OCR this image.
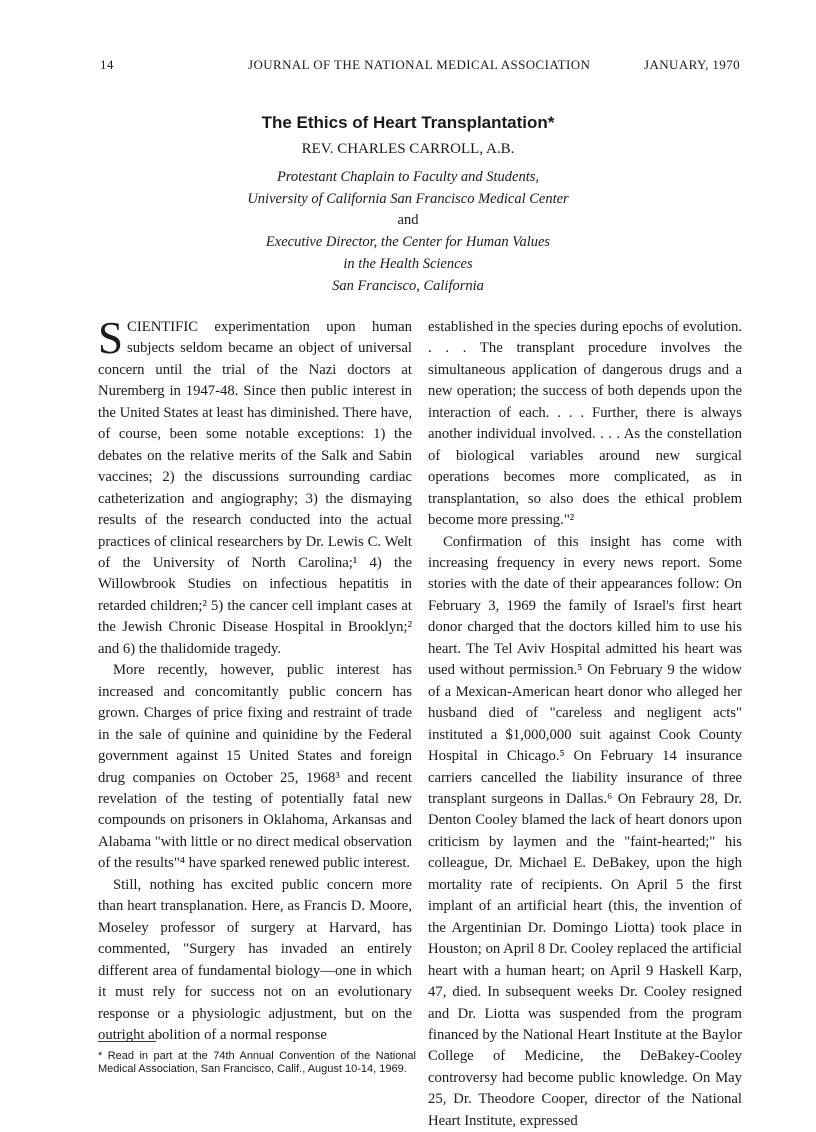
14	JOURNAL OF THE NATIONAL MEDICAL ASSOCIATION	JANUARY, 1970
The Ethics of Heart Transplantation*
REV. CHARLES CARROLL, A.B.
Protestant Chaplain to Faculty and Students,
University of California San Francisco Medical Center
and
Executive Director, the Center for Human Values
in the Health Sciences
San Francisco, California

SCIENTIFIC experimentation upon human subjects seldom became an object of universal concern until the trial of the Nazi doctors at Nuremberg in 1947-48. Since then public interest in the United States at least has diminished. There have, of course, been some notable exceptions: 1) the debates on the relative merits of the Salk and Sabin vaccines; 2) the discussions surrounding cardiac catheterization and angiography; 3) the dismaying results of the research conducted into the actual practices of clinical researchers by Dr. Lewis C. Welt of the University of North Carolina;¹ 4) the Willowbrook Studies on infectious hepatitis in retarded children;² 5) the cancer cell implant cases at the Jewish Chronic Disease Hospital in Brooklyn;² and 6) the thalidomide tragedy.

More recently, however, public interest has increased and concomitantly public concern has grown. Charges of price fixing and restraint of trade in the sale of quinine and quinidine by the Federal government against 15 United States and foreign drug companies on October 25, 1968³ and recent revelation of the testing of potentially fatal new compounds on prisoners in Oklahoma, Arkansas and Alabama "with little or no direct medical observation of the results"⁴ have sparked renewed public interest.

Still, nothing has excited public concern more than heart transplanation. Here, as Francis D. Moore, Moseley professor of surgery at Harvard, has commented, "Surgery has invaded an entirely different area of fundamental biology—one in which it must rely for success not on an evolutionary response or a physiologic adjustment, but on the outright abolition of a normal response

established in the species during epochs of evolution. . . . The transplant procedure involves the simultaneous application of dangerous drugs and a new operation; the success of both depends upon the interaction of each. . . . Further, there is always another individual involved. . . . As the constellation of biological variables around new surgical operations becomes more complicated, as in transplantation, so also does the ethical problem become more pressing."²

Confirmation of this insight has come with increasing frequency in every news report. Some stories with the date of their appearances follow: On February 3, 1969 the family of Israel's first heart donor charged that the doctors killed him to use his heart. The Tel Aviv Hospital admitted his heart was used without permission.⁵ On February 9 the widow of a Mexican-American heart donor who alleged her husband died of "careless and negligent acts" instituted a $1,000,000 suit against Cook County Hospital in Chicago.⁵ On February 14 insurance carriers cancelled the liability insurance of three transplant surgeons in Dallas.⁶ On Febraury 28, Dr. Denton Cooley blamed the lack of heart donors upon criticism by laymen and the "faint-hearted;" his colleague, Dr. Michael E. DeBakey, upon the high mortality rate of recipients. On April 5 the first implant of an artificial heart (this, the invention of the Argentinian Dr. Domingo Liotta) took place in Houston; on April 8 Dr. Cooley replaced the artificial heart with a human heart; on April 9 Haskell Karp, 47, died. In subsequent weeks Dr. Cooley resigned and Dr. Liotta was suspended from the program financed by the National Heart Institute at the Baylor College of Medicine, the DeBakey-Cooley controversy had become public knowledge. On May 25, Dr. Theodore Cooper, director of the National Heart Institute, expressed

* Read in part at the 74th Annual Convention of the National Medical Association, San Francisco, Calif., August 10-14, 1969.
